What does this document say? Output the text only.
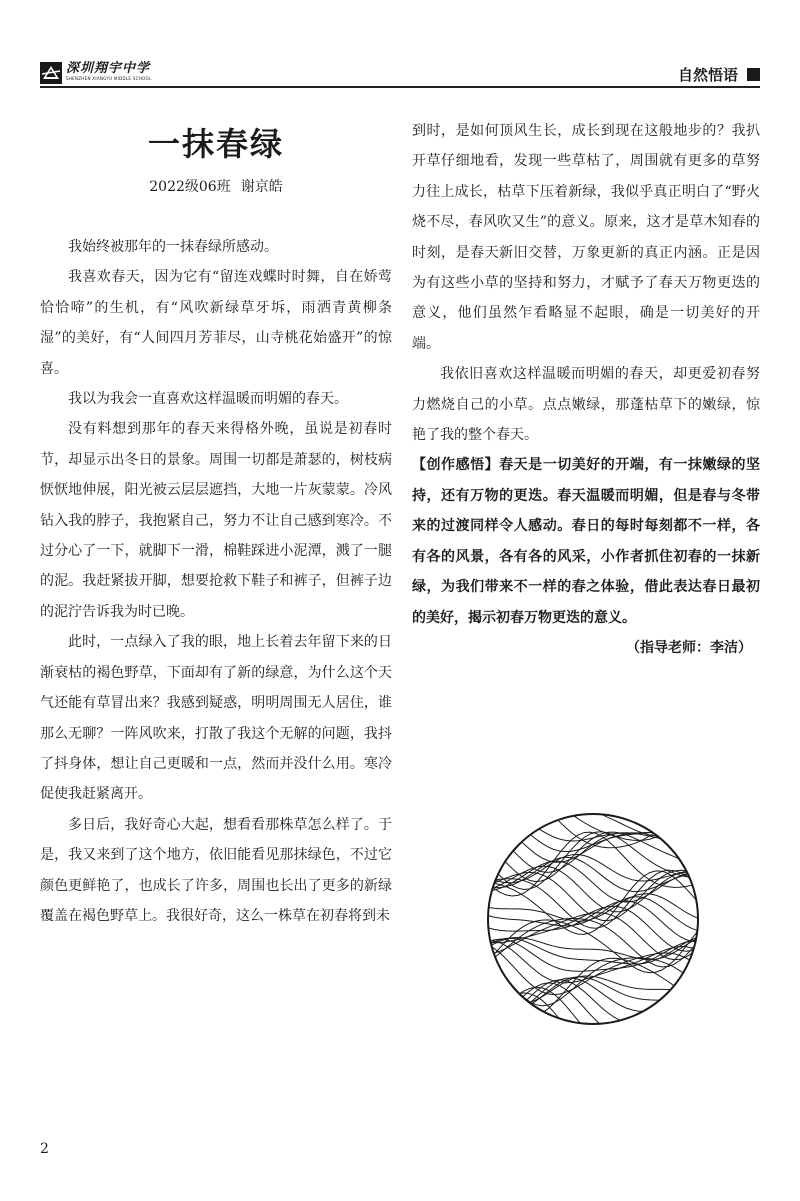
深圳翔宇中学
SHENZHEN XIANGYU MIDDLE SCHOOL	自然悟语
一抹春绿
2022级06班 谢京皓

我始终被那年的一抹春绿所感动。

我喜欢春天，因为它有“留连戏蝶时时舞，自在娇莺恰恰啼”的生机，有“风吹新绿草牙坼，雨洒青黄柳条湿”的美好，有“人间四月芳菲尽，山寺桃花始盛开”的惊喜。

我以为我会一直喜欢这样温暖而明媚的春天。

没有料想到那年的春天来得格外晚，虽说是初春时节，却显示出冬日的景象。周围一切都是萧瑟的，树枝病恹恹地伸展，阳光被云层层遮挡，大地一片灰蒙蒙。冷风钻入我的脖子，我抱紧自己，努力不让自己感到寒冷。不过分心了一下，就脚下一滑，棉鞋踩进小泥潭，溅了一腿的泥。我赶紧拔开脚，想要抢救下鞋子和裤子，但裤子边的泥泞告诉我为时已晚。

此时，一点绿入了我的眼，地上长着去年留下来的日渐衰枯的褐色野草，下面却有了新的绿意，为什么这个天气还能有草冒出来？我感到疑惑，明明周围无人居住，谁那么无聊？一阵风吹来，打散了我这个无解的问题，我抖了抖身体，想让自己更暖和一点，然而并没什么用。寒冷促使我赶紧离开。

多日后，我好奇心大起，想看看那株草怎么样了。于是，我又来到了这个地方，依旧能看见那抹绿色，不过它颜色更鲜艳了，也成长了许多，周围也长出了更多的新绿覆盖在褐色野草上。我很好奇，这么一株草在初春将到未

到时，是如何顶风生长，成长到现在这般地步的？我扒开草仔细地看，发现一些草枯了，周围就有更多的草努力往上成长，枯草下压着新绿，我似乎真正明白了“野火烧不尽，春风吹又生”的意义。原来，这才是草木知春的时刻，是春天新旧交替，万象更新的真正内涵。正是因为有这些小草的坚持和努力，才赋予了春天万物更迭的意义，他们虽然乍看略显不起眼，确是一切美好的开端。

我依旧喜欢这样温暖而明媚的春天，却更爱初春努力燃烧自己的小草。点点嫩绿，那蓬枯草下的嫩绿，惊艳了我的整个春天。

【创作感悟】春天是一切美好的开端，有一抹嫩绿的坚持，还有万物的更迭。春天温暖而明媚，但是春与冬带来的过渡同样令人感动。春日的每时每刻都不一样，各有各的风景，各有各的风采，小作者抓住初春的一抹新绿，为我们带来不一样的春之体验，借此表达春日最初的美好，揭示初春万物更迭的意义。

（指导老师：李洁）

2
